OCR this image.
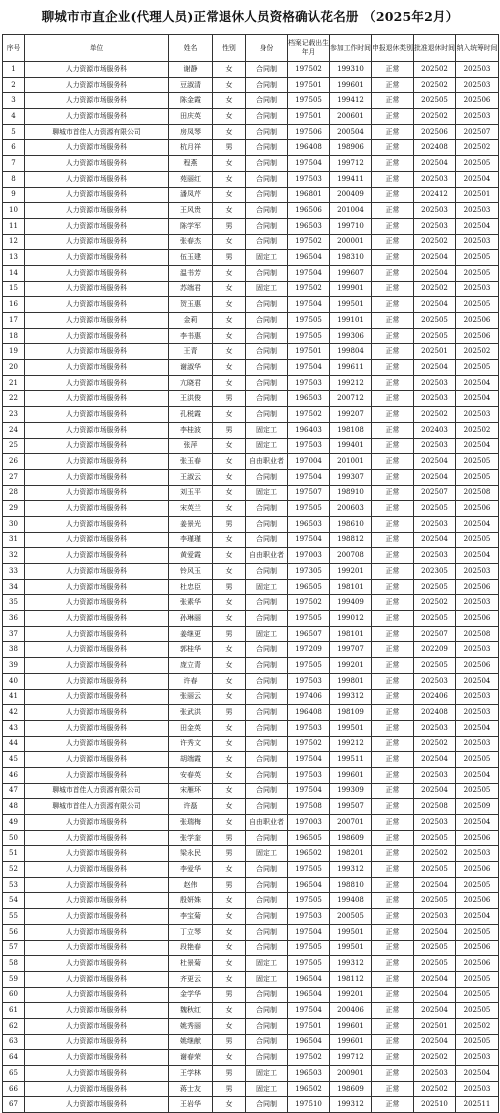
聊城市市直企业(代理人员)正常退休人员资格确认花名册 （2025年2月）
序号	单位	姓名	性别	身份	档案记载出生年月	参加工作时间	申报退休类别	批准退休时间	纳入统筹时间
1	人力资源市场服务科	谢静	女	合同制	197502	199310	正常	202502	202503
2	人力资源市场服务科	豆淑清	女	合同制	197501	199601	正常	202502	202503
3	人力资源市场服务科	陈金霞	女	合同制	197505	199412	正常	202505	202506
4	人力资源市场服务科	田庆英	女	合同制	197501	200601	正常	202502	202503
5	聊城市首佳人力资源有限公司	房凤琴	女	合同制	197506	200504	正常	202506	202507
6	人力资源市场服务科	杭月祥	男	合同制	196408	198906	正常	202408	202502
7	人力资源市场服务科	程燕	女	合同制	197504	199712	正常	202504	202505
8	人力资源市场服务科	苑丽红	女	合同制	197503	199411	正常	202503	202504
9	人力资源市场服务科	潘凤芹	女	合同制	196801	200409	正常	202412	202501
10	人力资源市场服务科	王风贵	女	合同制	196506	201004	正常	202503	202503
11	人力资源市场服务科	陈学军	男	合同制	196503	199710	正常	202503	202504
12	人力资源市场服务科	张春杰	女	合同制	197502	200001	正常	202502	202503
13	人力资源市场服务科	伍玉建	男	固定工	196504	198310	正常	202504	202505
14	人力资源市场服务科	温书芳	女	合同制	197504	199607	正常	202504	202505
15	人力资源市场服务科	苏端君	女	固定工	197502	199901	正常	202502	202503
16	人力资源市场服务科	贺玉惠	女	合同制	197504	199501	正常	202504	202505
17	人力资源市场服务科	金莉	女	合同制	197505	199101	正常	202505	202506
18	人力资源市场服务科	李书惠	女	合同制	197505	199306	正常	202505	202506
19	人力资源市场服务科	王青	女	合同制	197501	199804	正常	202501	202502
20	人力资源市场服务科	谢淑华	女	合同制	197504	199611	正常	202504	202505
21	人力资源市场服务科	亢晓君	女	合同制	197503	199212	正常	202503	202504
22	人力资源市场服务科	王洪俊	男	合同制	196503	200712	正常	202503	202504
23	人力资源市场服务科	孔税霞	女	合同制	197502	199207	正常	202502	202503
24	人力资源市场服务科	李桂波	男	固定工	196403	198108	正常	202403	202502
25	人力资源市场服务科	张萍	女	固定工	197503	199401	正常	202503	202504
26	人力资源市场服务科	张玉春	女	自由职业者	197004	201001	正常	202504	202505
27	人力资源市场服务科	王淑云	女	合同制	197504	199307	正常	202504	202505
28	人力资源市场服务科	刘玉平	女	固定工	197507	198910	正常	202507	202508
29	人力资源市场服务科	宋英兰	女	合同制	197505	200603	正常	202505	202506
30	人力资源市场服务科	姜景光	男	合同制	196503	198610	正常	202503	202504
31	人力资源市场服务科	李瑾瑾	女	合同制	197504	198812	正常	202504	202505
32	人力资源市场服务科	黄爱霞	女	自由职业者	197003	200708	正常	202503	202504
33	人力资源市场服务科	铃风玉	女	合同制	197305	199201	正常	202305	202503
34	人力资源市场服务科	杜忠臣	男	固定工	196505	198101	正常	202505	202506
35	人力资源市场服务科	张素华	女	合同制	197502	199409	正常	202502	202503
36	人力资源市场服务科	孙琳丽	女	合同制	197505	199012	正常	202505	202506
37	人力资源市场服务科	姜继更	男	固定工	196507	198101	正常	202507	202508
38	人力资源市场服务科	郭桂华	女	合同制	197209	199707	正常	202209	202503
39	人力资源市场服务科	庞立青	女	合同制	197505	199201	正常	202505	202506
40	人力资源市场服务科	许春	女	合同制	197503	199801	正常	202503	202504
41	人力资源市场服务科	张丽云	女	合同制	197406	199312	正常	202406	202503
42	人力资源市场服务科	张武洪	男	合同制	196408	198109	正常	202408	202503
43	人力资源市场服务科	田金英	女	合同制	197503	199501	正常	202503	202504
44	人力资源市场服务科	许秀文	女	合同制	197502	199212	正常	202502	202503
45	人力资源市场服务科	胡端霞	女	合同制	197504	199511	正常	202504	202505
46	人力资源市场服务科	安春英	女	合同制	197503	199601	正常	202503	202504
47	聊城市首佳人力资源有限公司	宋雁环	女	合同制	197504	199309	正常	202504	202505
48	聊城市首佳人力资源有限公司	许磊	女	合同制	197508	199507	正常	202508	202509
49	人力资源市场服务科	张瑞梅	女	自由职业者	197003	200701	正常	202503	202504
50	人力资源市场服务科	张学奎	男	合同制	196505	198609	正常	202505	202506
51	人力资源市场服务科	梁永民	男	固定工	196502	198201	正常	202502	202503
52	人力资源市场服务科	李爱华	女	合同制	197505	199312	正常	202505	202506
53	人力资源市场服务科	赵伟	男	合同制	196504	198810	正常	202504	202505
54	人力资源市场服务科	殷妍姝	女	合同制	197505	199408	正常	202505	202506
55	人力资源市场服务科	李宝菊	女	合同制	197503	200505	正常	202503	202504
56	人力资源市场服务科	丁立琴	女	合同制	197504	199501	正常	202504	202505
57	人力资源市场服务科	段艳春	女	合同制	197505	199501	正常	202505	202506
58	人力资源市场服务科	杜景菊	女	固定工	197505	199312	正常	202505	202506
59	人力资源市场服务科	齐更云	女	固定工	196504	198112	正常	202504	202505
60	人力资源市场服务科	金学华	男	合同制	196504	199201	正常	202504	202505
61	人力资源市场服务科	魏秋红	女	合同制	197504	200406	正常	202504	202505
62	人力资源市场服务科	姚秀丽	女	合同制	197501	199601	正常	202501	202502
63	人力资源市场服务科	姚继献	男	合同制	196504	199601	正常	202504	202505
64	人力资源市场服务科	谢春荣	女	合同制	197502	199712	正常	202502	202503
65	人力资源市场服务科	王学林	男	固定工	196503	200901	正常	202503	202504
66	人力资源市场服务科	蒋士友	男	固定工	196502	198609	正常	202502	202503
67	人力资源市场服务科	王岩华	女	合同制	197510	199312	正常	202510	202511
